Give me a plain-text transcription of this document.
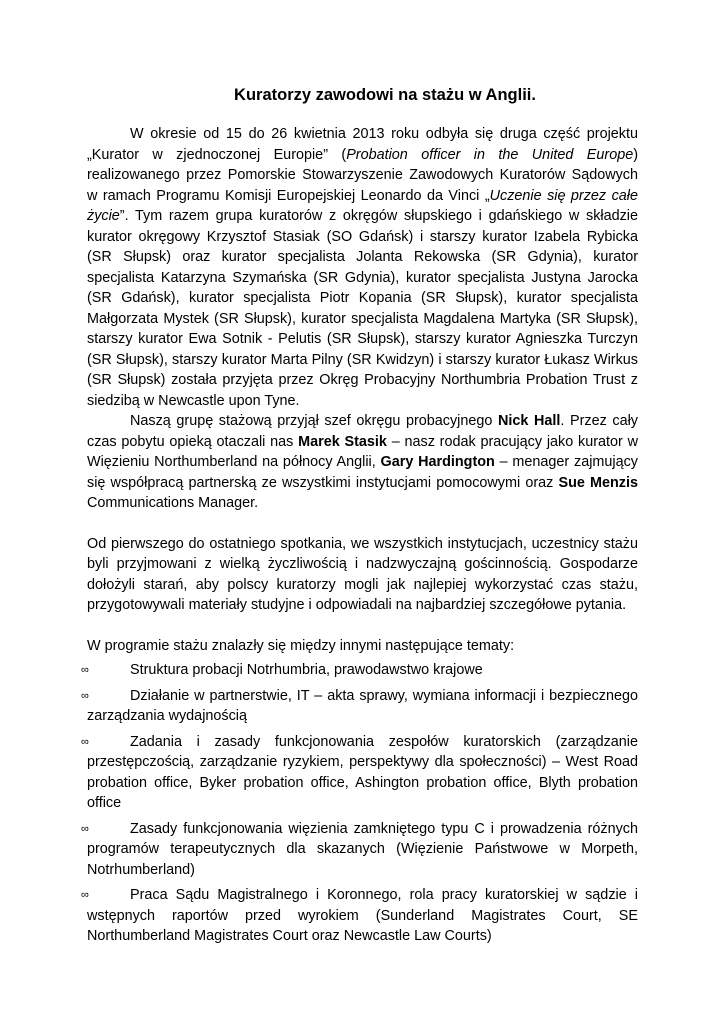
Kuratorzy zawodowi na stażu w Anglii.

W okresie od 15 do 26 kwietnia 2013 roku odbyła się druga część projektu „Kurator w zjednoczonej Europie” (Probation officer in the United Europe) realizowanego przez Pomorskie Stowarzyszenie Zawodowych Kuratorów Sądowych w ramach Programu Komisji Europejskiej Leonardo da Vinci „Uczenie się przez całe życie”. Tym razem grupa kuratorów z okręgów słupskiego i gdańskiego w składzie kurator okręgowy Krzysztof Stasiak (SO Gdańsk) i starszy kurator Izabela Rybicka (SR Słupsk) oraz kurator specjalista Jolanta Rekowska (SR Gdynia), kurator specjalista Katarzyna Szymańska (SR Gdynia), kurator specjalista Justyna Jarocka (SR Gdańsk), kurator specjalista Piotr Kopania (SR Słupsk), kurator specjalista Małgorzata Mystek (SR Słupsk), kurator specjalista Magdalena Martyka (SR Słupsk), starszy kurator Ewa Sotnik - Pelutis (SR Słupsk), starszy kurator Agnieszka Turczyn (SR Słupsk), starszy kurator Marta Pilny (SR Kwidzyn) i starszy kurator Łukasz Wirkus (SR Słupsk) została przyjęta przez Okręg Probacyjny Northumbria Probation Trust z siedzibą w Newcastle upon Tyne.

Naszą grupę stażową przyjął szef okręgu probacyjnego Nick Hall. Przez cały czas pobytu opieką otaczali nas Marek Stasik – nasz rodak pracujący jako kurator w Więzieniu Northumberland na północy Anglii, Gary Hardington – menager zajmujący się współpracą partnerską ze wszystkimi instytucjami pomocowymi oraz Sue Menzis Communications Manager.

Od pierwszego do ostatniego spotkania, we wszystkich instytucjach, uczestnicy stażu byli przyjmowani z wielką życzliwością i nadzwyczajną gościnnością. Gospodarze dołożyli starań, aby polscy kuratorzy mogli jak najlepiej wykorzystać czas stażu, przygotowywali materiały studyjne i odpowiadali na najbardziej szczegółowe pytania.

W programie stażu znalazły się między innymi następujące tematy:

∞	Struktura probacji Notrhumbria, prawodawstwo krajowe
∞	Działanie w partnerstwie, IT – akta sprawy, wymiana informacji i bezpiecznego zarządzania wydajnością
∞	Zadania i zasady funkcjonowania zespołów kuratorskich (zarządzanie przestępczością, zarządzanie ryzykiem, perspektywy dla społeczności) – West Road probation office, Byker probation office, Ashington probation office, Blyth probation office
∞	Zasady funkcjonowania więzienia zamkniętego typu C i prowadzenia różnych programów terapeutycznych dla skazanych (Więzienie Państwowe w Morpeth, Notrhumberland)
∞	Praca Sądu Magistralnego i Koronnego, rola pracy kuratorskiej w sądzie i wstępnych raportów przed wyrokiem (Sunderland Magistrates Court, SE Northumberland Magistrates Court oraz Newcastle Law Courts)
